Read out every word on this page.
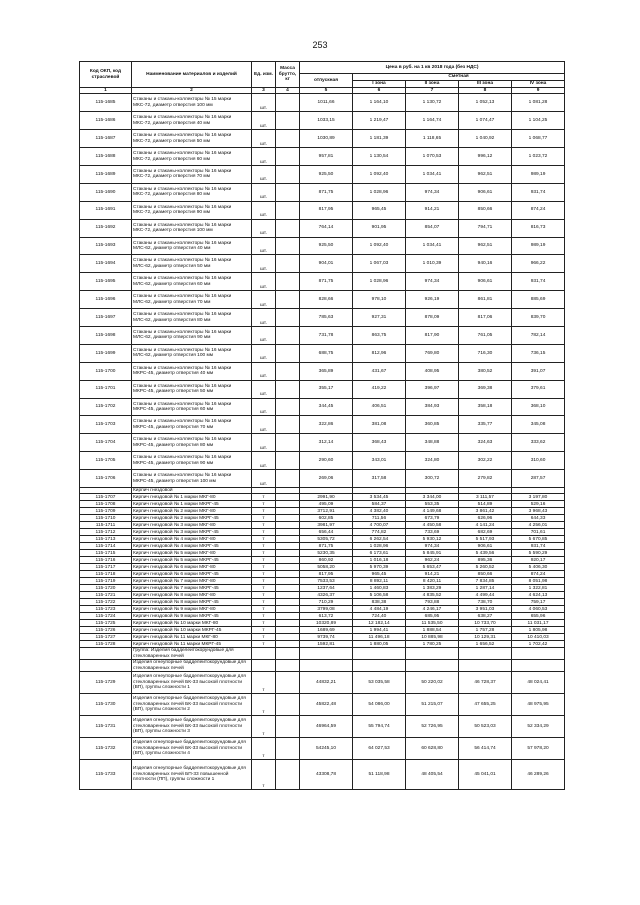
253
Код ОКП, код страслевой	Наименование материалов и изделий	Ед. изм.	Масса брутто, кг	Цена в руб. на 1 кв 2018 года (без НДС)				
				отпускная	Сметная			
					I зона	II зона	III зона	IV зона
1	2	3	4	5	6	7	8	9
115-1685	Стаканы и стаканы-коллекторы № 15 марки МКС-72, диаметр отверстия 100 мм	шт.		1011,66	1 164,10	1 130,72	1 052,13	1 081,28
115-1686	Стаканы и стаканы-коллекторы № 16 марки МКС-72, диаметр отверстия 40 мм	шт.		1033,15	1 219,47	1 164,74	1 074,47	1 104,25
115-1687	Стаканы и стаканы-коллекторы № 16 марки МКС-72, диаметр отверстия 50 мм	шт.		1030,89	1 181,39	1 118,65	1 040,92	1 068,77
115-1688	Стаканы и стаканы-коллекторы № 16 марки МКС-72, диаметр отверстия 60 мм	шт.		957,81	1 130,54	1 070,53	996,12	1 023,72
115-1689	Стаканы и стаканы-коллекторы № 16 марки МКС-72, диаметр отверстия 70 мм	шт.		925,50	1 092,40	1 034,41	962,51	989,19
115-1690	Стаканы и стаканы-коллекторы № 16 марки МКС-72, диаметр отверстия 80 мм	шт.		871,75	1 028,96	974,34	906,61	931,74
115-1691	Стаканы и стаканы-коллекторы № 16 марки МКС-72, диаметр отверстия 90 мм	шт.		817,95	965,45	914,21	850,66	874,24
115-1692	Стаканы и стаканы-коллекторы № 16 марки МКС-72, диаметр отверстия 100 мм	шт.		764,14	901,95	854,07	794,71	816,73
115-1693	Стаканы и стаканы-коллекторы № 16 марки МЛС-62, диаметр отверстия 40 мм	шт.		925,50	1 092,40	1 034,41	962,51	989,19
115-1694	Стаканы и стаканы-коллекторы № 16 марки МЛС-62, диаметр отверстия 50 мм	шт.		904,01	1 067,03	1 010,39	940,16	966,22
115-1695	Стаканы и стаканы-коллекторы № 16 марки МЛС-62, диаметр отверстия 60 мм	шт.		871,75	1 028,96	974,34	906,61	931,74
115-1696	Стаканы и стаканы-коллекторы № 16 марки МЛС-62, диаметр отверстия 70 мм	шт.		828,66	978,10	926,19	861,81	885,69
115-1697	Стаканы и стаканы-коллекторы № 16 марки МЛС-62, диаметр отверстия 80 мм	шт.		785,63	927,31	878,09	817,06	839,70
115-1698	Стаканы и стаканы-коллекторы № 16 марки МЛС-62, диаметр отверстия 90 мм	шт.		731,78	863,75	817,90	761,05	782,14
115-1699	Стаканы и стаканы-коллекторы № 16 марки МЛС-62, диаметр отверстия 100 мм	шт.		688,75	812,96	769,80	716,30	736,15
115-1700	Стаканы и стаканы-коллекторы № 16 марки МКРС-45, диаметр отверстия 40 мм	шт.		365,89	431,67	408,95	380,52	391,07
115-1701	Стаканы и стаканы-коллекторы № 16 марки МКРС-45, диаметр отверстия 50 мм	шт.		355,17	419,22	396,97	369,38	379,61
115-1702	Стаканы и стаканы-коллекторы № 16 марки МКРС-45, диаметр отверстия 60 мм	шт.		344,45	406,51	384,93	358,18	368,10
115-1703	Стаканы и стаканы-коллекторы № 16 марки МКРС-45, диаметр отверстия 70 мм	шт.		322,86	381,08	360,85	335,77	345,08
115-1704	Стаканы и стаканы-коллекторы № 16 марки МКРС-45, диаметр отверстия 80 мм	шт.		312,14	368,43	348,88	324,63	333,62
115-1705	Стаканы и стаканы-коллекторы № 16 марки МКРС-45, диаметр отверстия 90 мм	шт.		290,60	343,01	324,80	302,22	310,60
115-1706	Стаканы и стаканы-коллекторы № 16 марки МКРС-45, диаметр отверстия 100 мм	шт.		269,06	317,58	300,72	279,82	287,57
	Кирпич гнездовой							
115-1707	Кирпич гнездовой № 1 марки МКГ-80	т		2991,90	3 534,45	3 344,00	3 111,57	3 197,80
115-1708	Кирпич гнездовой № 1 марки МКРГ-45	т		495,09	584,37	553,35	514,89	529,16
115-1709	Кирпич гнездовой № 2 марки МКГ-80	т		3712,91	4 382,40	4 149,68	3 861,42	3 968,43
115-1710	Кирпич гнездовой № 2 марки МКРГ-45	т		602,85	711,56	673,79	626,96	644,33
115-1711	Кирпич гнездовой № 3 марки МКГ-80	т		3981,97	4 700,07	4 450,58	4 141,24	4 256,01
115-1712	Кирпич гнездовой № 3 марки МКРГ-45	т		656,44	774,82	733,69	682,69	701,61
115-1713	Кирпич гнездовой № 4 марки МКГ-80	т		5305,72	6 262,54	5 930,12	5 517,93	5 670,85
115-1714	Кирпич гнездовой № 4 марки МКРГ-45	т		871,75	1 028,96	974,34	906,61	931,74
115-1715	Кирпич гнездовой № 5 марки МКГ-80	т		5230,35	6 173,61	5 845,91	5 439,56	5 590,29
115-1716	Кирпич гнездовой № 5 марки МКРГ-45	т		860,92	1 016,18	962,24	895,36	920,17
115-1717	Кирпич гнездовой № 6 марки МКГ-80	т		5058,20	5 970,39	5 653,47	5 260,52	5 406,30
115-1718	Кирпич гнездовой № 6 марки МКРГ-45	т		817,95	965,45	914,21	850,66	874,24
115-1719	Кирпич гнездовой № 7 марки МКГ-80	т		7533,53	8 892,11	8 420,11	7 834,85	8 051,98
115-1720	Кирпич гнездовой № 7 марки МКРГ-45	т		1237,64	1 460,83	1 383,29	1 287,14	1 322,81
115-1721	Кирпич гнездовой № 8 марки МКГ-80	т		4326,37	5 106,58	4 835,52	4 499,44	4 624,13
115-1722	Кирпич гнездовой № 8 марки МКРГ-45	т		710,29	838,38	793,88	738,70	759,17
115-1723	Кирпич гнездовой № 9 марки МКГ-80	т		3799,08	4 484,19	4 246,17	3 951,03	4 060,53
115-1724	Кирпич гнездовой № 9 марки МКРГ-45	т		613,72	724,40	685,95	638,27	655,96
115-1725	Кирпич гнездовой № 10 марки МКГ-80	т		10320,89	12 182,14	11 535,50	10 733,70	11 031,17
115-1726	Кирпич гнездовой № 10 марки МКРГ-45	т		1689,69	1 994,41	1 888,54	1 757,28	1 805,98
115-1727	Кирпич гнездовой № 11 марки МКГ-80	т		9739,74	11 496,18	10 885,98	10 129,31	10 410,03
115-1728	Кирпич гнездовой № 11 марки МКРГ-45	т		1592,81	1 880,05	1 780,25	1 656,52	1 702,42
	Группа: Изделия бадделеитокорундовые для стекловаренных печей							
	Изделия огнеупорные бадделеитокорундовые для стекловаренных печей							
115-1729	Изделия огнеупорные бадделеитокорундовые для стекловаренных печей БК-33 высокой плотности (ВП), группы сложности 1	т		44832,21	53 035,58	50 220,02	46 728,37	48 024,41
115-1730	Изделия огнеупорные бадделеитокорундовые для стекловаренных печей БК-33 высокой плотности (ВП), группы сложности 2	т		45822,48	54 086,00	51 215,07	47 655,25	48 975,95
115-1731	Изделия огнеупорные бадделеитокорундовые для стекловаренных печей БК-33 высокой плотности (ВП), группы сложности 3	т		46964,59	55 794,74	52 726,95	50 523,03	52 334,29
115-1732	Изделия огнеупорные бадделеитокорундовые для стекловаренных печей БК-33 высокой плотности (ВП), группы сложности 4	т		54245,10	64 027,53	60 628,80	56 414,74	57 978,20
115-1733	Изделия огнеупорные бадделеитокорундовые для стекловаренных печей БП-33 повышенной плотности (ПП), группы сложности 1	т		43308,78	51 118,98	48 405,54	45 041,01	46 289,26
